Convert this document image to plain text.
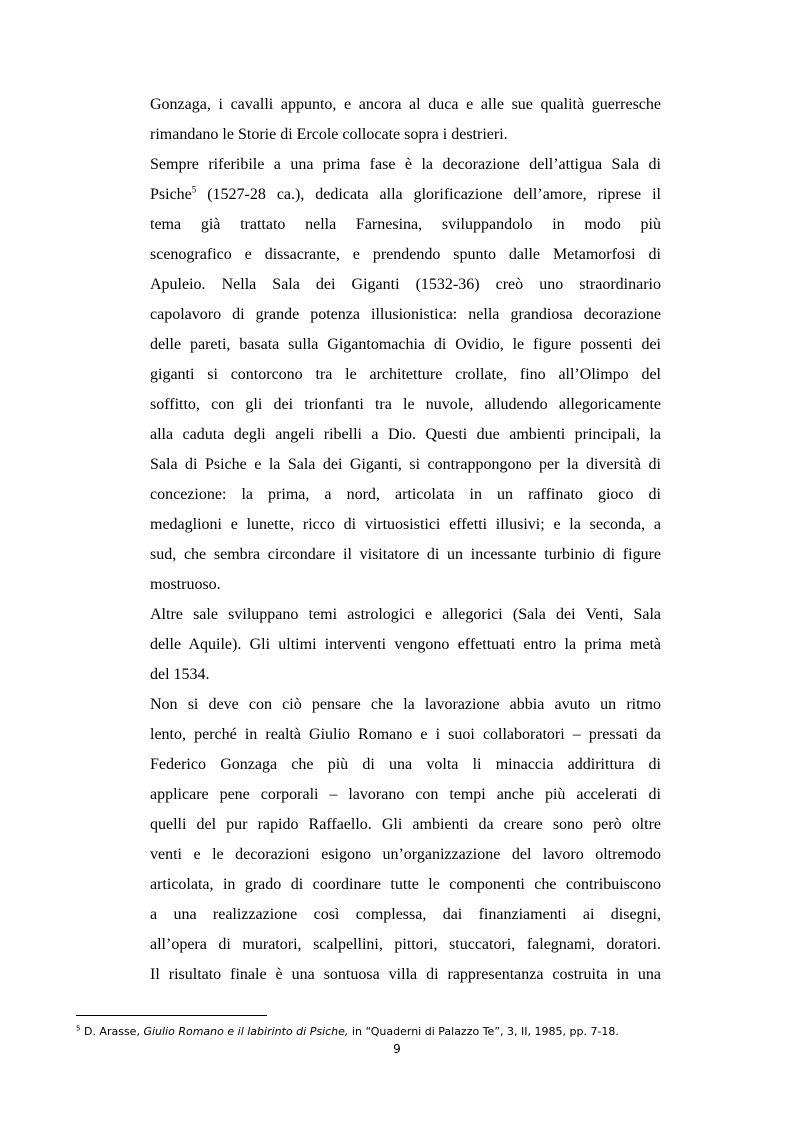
Gonzaga, i cavalli appunto, e ancora al duca e alle sue qualità guerresche
rimandano le Storie di Ercole collocate sopra i destrieri.
Sempre riferibile a una prima fase è la decorazione dell’attigua Sala di
Psiche$^5$ (1527-28 ca.), dedicata alla glorificazione dell’amore, riprese il
tema già trattato nella Farnesina, sviluppandolo in modo più
scenografico e dissacrante, e prendendo spunto dalle Metamorfosi di
Apuleio. Nella Sala dei Giganti (1532-36) creò uno straordinario
capolavoro di grande potenza illusionistica: nella grandiosa decorazione
delle pareti, basata sulla Gigantomachia di Ovidio, le figure possenti dei
giganti si contorcono tra le architetture crollate, fino all’Olimpo del
soffitto, con gli dei trionfanti tra le nuvole, alludendo allegoricamente
alla caduta degli angeli ribelli a Dio. Questi due ambienti principali, la
Sala di Psiche e la Sala dei Giganti, si contrappongono per la diversità di
concezione: la prima, a nord, articolata in un raffinato gioco di
medaglioni e lunette, ricco di virtuosistici effetti illusivi; e la seconda, a
sud, che sembra circondare il visitatore di un incessante turbinio di figure
mostruoso.
Altre sale sviluppano temi astrologici e allegorici (Sala dei Venti, Sala
delle Aquile). Gli ultimi interventi vengono effettuati entro la prima metà
del 1534.
Non si deve con ciò pensare che la lavorazione abbia avuto un ritmo
lento, perché in realtà Giulio Romano e i suoi collaboratori – pressati da
Federico Gonzaga che più di una volta li minaccia addirittura di
applicare pene corporali – lavorano con tempi anche più accelerati di
quelli del pur rapido Raffaello. Gli ambienti da creare sono però oltre
venti e le decorazioni esigono un’organizzazione del lavoro oltremodo
articolata, in grado di coordinare tutte le componenti che contribuiscono
a una realizzazione così complessa, dai finanziamenti ai disegni,
all’opera di muratori, scalpellini, pittori, stuccatori, falegnami, doratori.
Il risultato finale è una sontuosa villa di rappresentanza costruita in una
$^5$ D. Arasse, Giulio Romano e il labirinto di Psiche, in “Quaderni di Palazzo Te”, 3, II, 1985, pp. 7-18.
9
